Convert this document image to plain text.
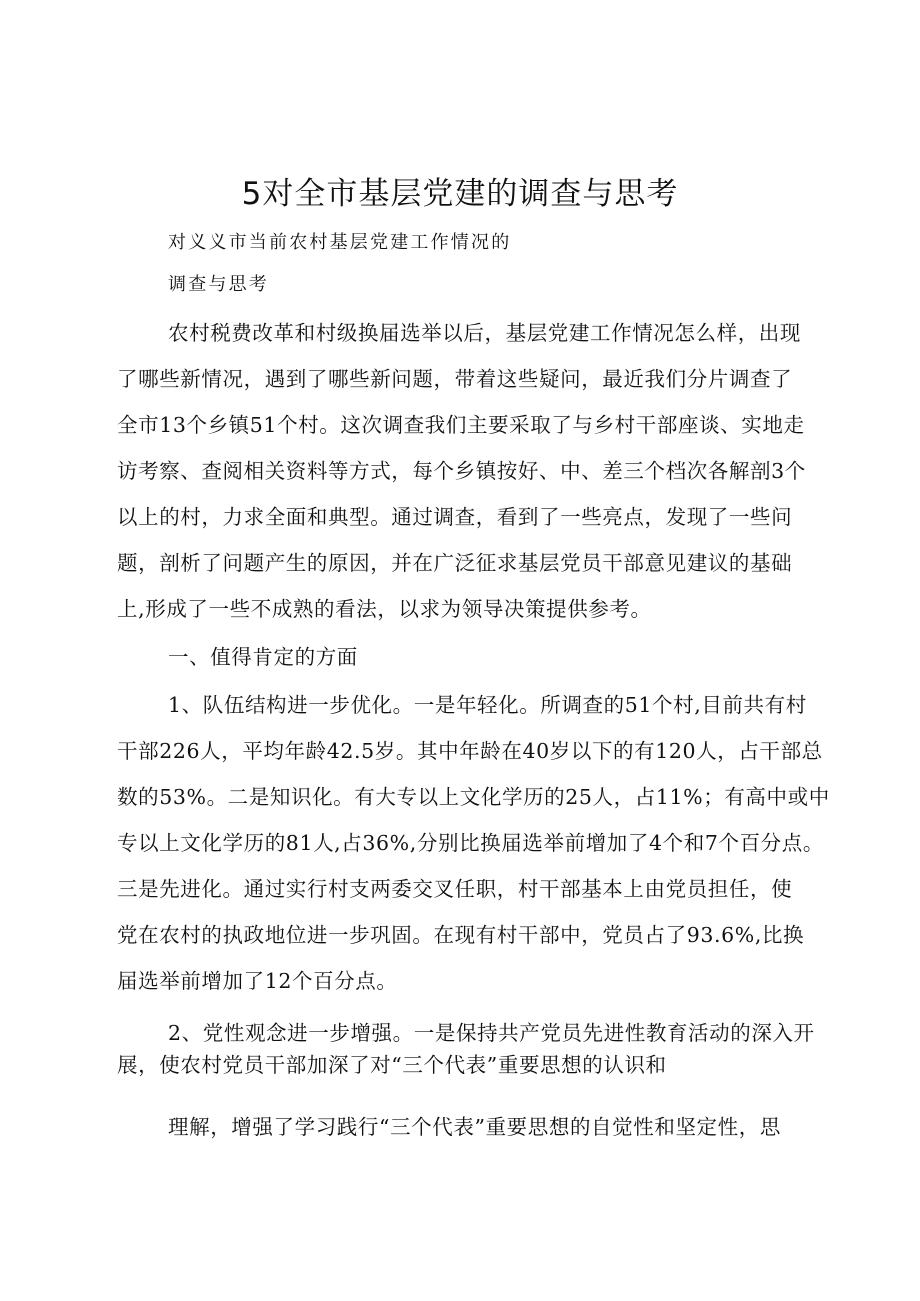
5对全市基层党建的调查与思考
对义义市当前农村基层党建工作情况的
调查与思考
农村税费改革和村级换届选举以后，基层党建工作情况怎么样，出现
了哪些新情况，遇到了哪些新问题，带着这些疑问，最近我们分片调查了
全市13个乡镇51个村。这次调查我们主要采取了与乡村干部座谈、实地走
访考察、查阅相关资料等方式，每个乡镇按好、中、差三个档次各解剖3个
以上的村，力求全面和典型。通过调查，看到了一些亮点，发现了一些问
题，剖析了问题产生的原因，并在广泛征求基层党员干部意见建议的基础
上,形成了一些不成熟的看法，以求为领导决策提供参考。
一、值得肯定的方面
1、队伍结构进一步优化。一是年轻化。所调查的51个村,目前共有村
干部226人，平均年龄42.5岁。其中年龄在40岁以下的有120人，占干部总
数的53%。二是知识化。有大专以上文化学历的25人，占11%；有高中或中
专以上文化学历的81人,占36%,分别比换届选举前增加了4个和7个百分点。
三是先进化。通过实行村支两委交叉任职，村干部基本上由党员担任，使
党在农村的执政地位进一步巩固。在现有村干部中，党员占了93.6%,比换
届选举前增加了12个百分点。
2、党性观念进一步增强。一是保持共产党员先进性教育活动的深入开
展，使农村党员干部加深了对“三个代表”重要思想的认识和
理解，增强了学习践行“三个代表”重要思想的自觉性和坚定性，思
